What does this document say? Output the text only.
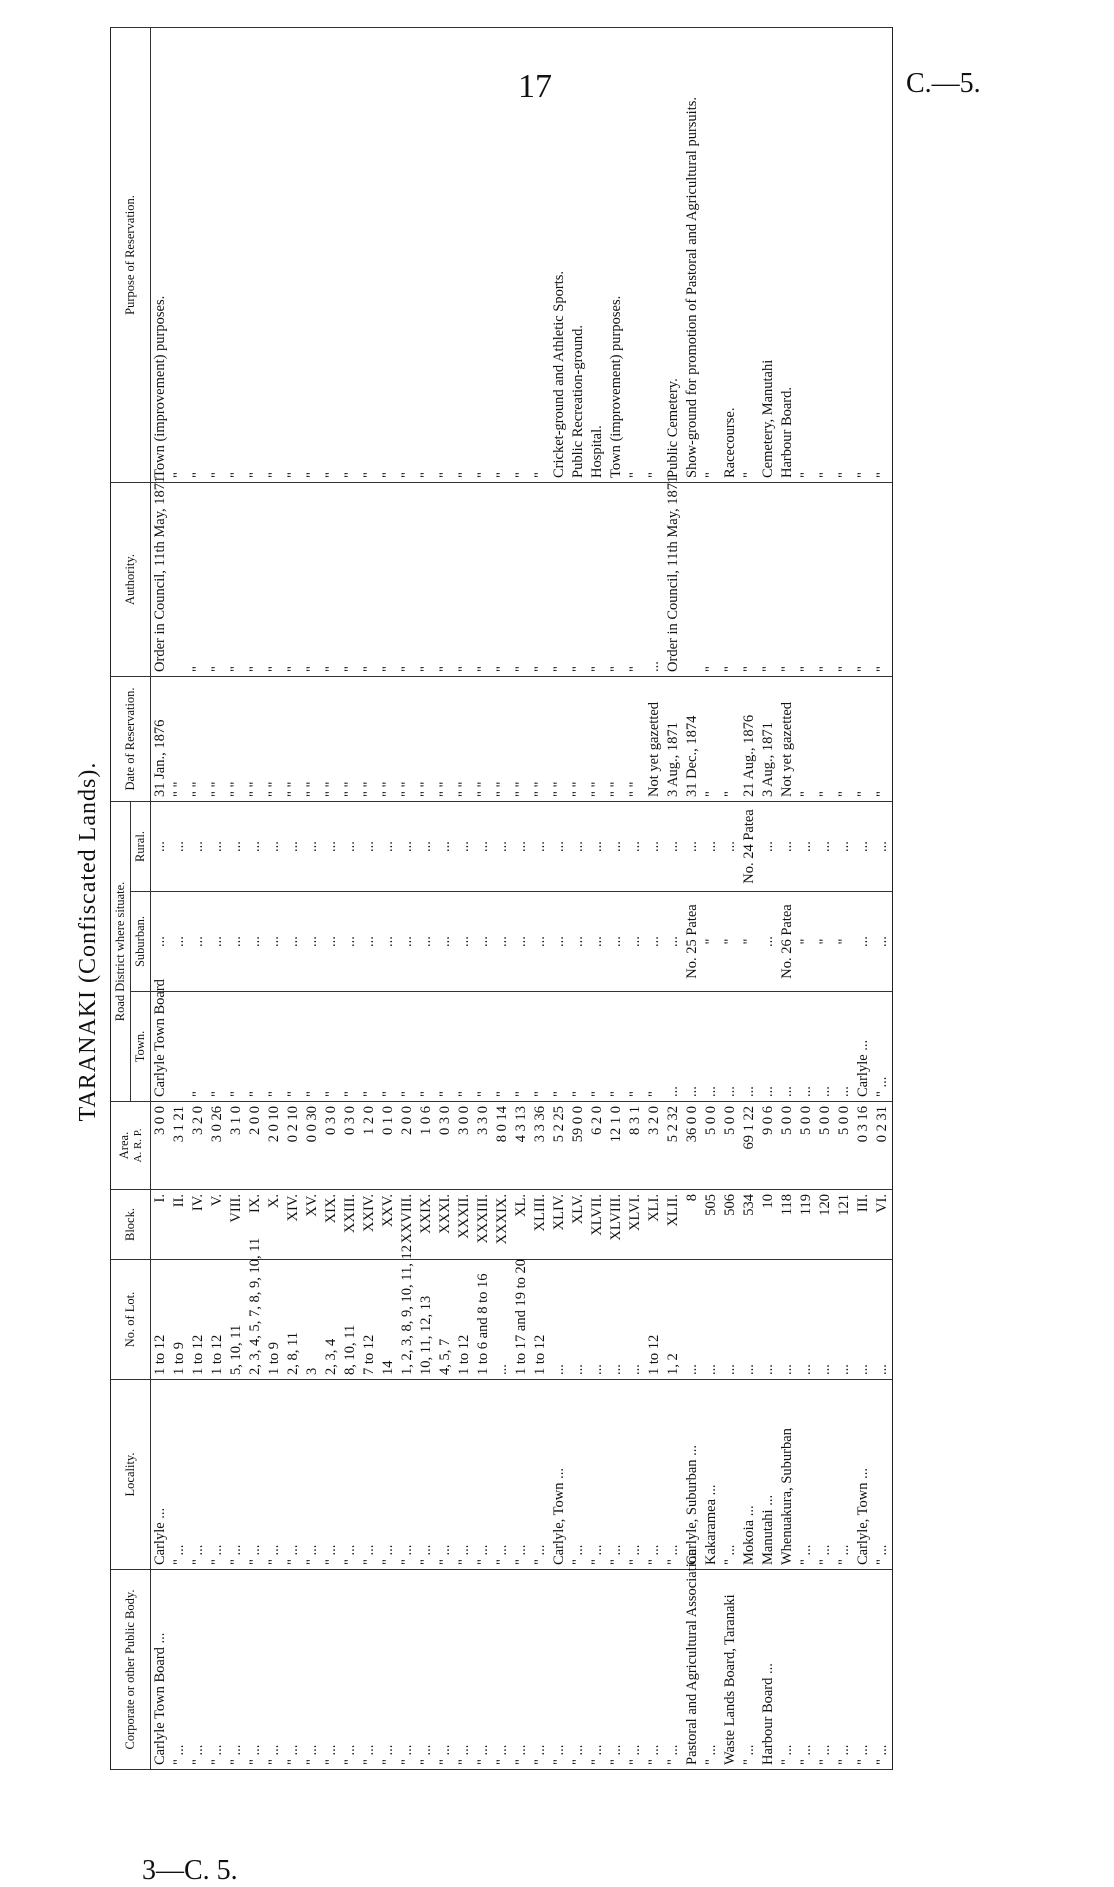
17	C.—5.
3—C. 5.
TARANAKI (Confiscated Lands).
Corporate or other Public Body.	Locality.	No. of Lot.	Block.	Area. A. R. P.	Road District where situate.			Date of Reservation.	Authority.	Purpose of Reservation.
					Town.	Suburban.	Rural.			
Carlyle Town Board ...	Carlyle ...	1 to 12	I.	3 0 0	Carlyle Town Board	...	...	31 Jan., 1876	Order in Council, 11th May, 1871	Town (improvement) purposes.
" ...	" ...	1 to 9	II.	3 1 21		...	...	" "		"
" ...	" ...	1 to 12	IV.	3 2 0	"	...	...	" "	"	"
" ...	" ...	1 to 12	V.	3 0 26	"	...	...	" "	"	"
" ...	" ...	5, 10, 11	VIII.	3 1 0	"	...	...	" "	"	"
" ...	" ...	2, 3, 4, 5, 7, 8, 9, 10, 11	IX.	2 0 0	"	...	...	" "	"	"
" ...	" ...	1 to 9	X.	2 0 10	"	...	...	" "	"	"
" ...	" ...	2, 8, 11	XIV.	0 2 10	"	...	...	" "	"	"
" ...	" ...	3	XV.	0 0 30	"	...	...	" "	"	"
" ...	" ...	2, 3, 4	XIX.	0 3 0	"	...	...	" "	"	"
" ...	" ...	8, 10, 11	XXIII.	0 3 0	"	...	...	" "	"	"
" ...	" ...	7 to 12	XXIV.	1 2 0	"	...	...	" "	"	"
" ...	" ...	14	XXV.	0 1 0	"	...	...	" "	"	"
" ...	" ...	1, 2, 3, 8, 9, 10, 11, 12	XXVIII.	2 0 0	"	...	...	" "	"	"
" ...	" ...	10, 11, 12, 13	XXIX.	1 0 6	"	...	...	" "	"	"
" ...	" ...	4, 5, 7	XXXI.	0 3 0	"	...	...	" "	"	"
" ...	" ...	1 to 12	XXXII.	3 0 0	"	...	...	" "	"	"
" ...	" ...	1 to 6 and 8 to 16	XXXIII.	3 3 0	"	...	...	" "	"	"
" ...	" ...	...	XXXIX.	8 0 14	"	...	...	" "	"	"
" ...	" ...	1 to 17 and 19 to 20	XL.	4 3 13	"	...	...	" "	"	"
" ...	" ...	1 to 12	XLIII.	3 3 36	"	...	...	" "	"	"
" ...	Carlyle, Town ...	...	XLIV.	5 2 25	"	...	...	" "	"	Cricket-ground and Athletic Sports.
" ...	" ...	...	XLV.	59 0 0	"	...	...	" "	"	Public Recreation-ground.
" ...	" ...	...	XLVII.	6 2 0	"	...	...	" "	"	Hospital.
" ...	" ...	...	XLVIII.	12 1 0	"	...	...	" "	"	Town (improvement) purposes.
" ...	" ...	...	XLVI.	8 3 1	"	...	...	" "	"	"
" ...	" ...	1 to 12	XLI.	3 2 0	"	...	...	Not yet gazetted	...	"
" ...	" ...	1, 2	XLII.	5 2 32	...	...	...	3 Aug., 1871	Order in Council, 11th May, 1871	Public Cemetery.
Pastoral and Agricultural Association	Carlyle, Suburban ...	...	8	36 0 0	...	No. 25 Patea	...	31 Dec., 1874		Show-ground for promotion of Pastoral and Agricultural pursuits.
" ...	Kakaramea ...	...	505	5 0 0	...	"	...	"	"	"
Waste Lands Board, Taranaki	" ...	...	506	5 0 0	...	"	...	"	"	Racecourse.
" ...	Mokoia ...	...	534	69 1 22	...	"	No. 24 Patea	21 Aug., 1876	"	"
Harbour Board ...	Manutahi ...	...	10	9 0 6	...	...	...	3 Aug., 1871	"	Cemetery, Manutahi
" ...	Whenuakura, Suburban	...	118	5 0 0	...	No. 26 Patea	...	Not yet gazetted	"	Harbour Board.
" ...	" ...	...	119	5 0 0	...	"	...	"	"	"
" ...	" ...	...	120	5 0 0	...	"	...	"	"	"
" ...	" ...	...	121	5 0 0	...	"	...	"	"	"
" ...	Carlyle, Town ...	...	III.	0 3 16	Carlyle ...	...	...	"	"	"
" ...	" ...	...	VI.	0 2 31	" ...	...	...	"	"	"
